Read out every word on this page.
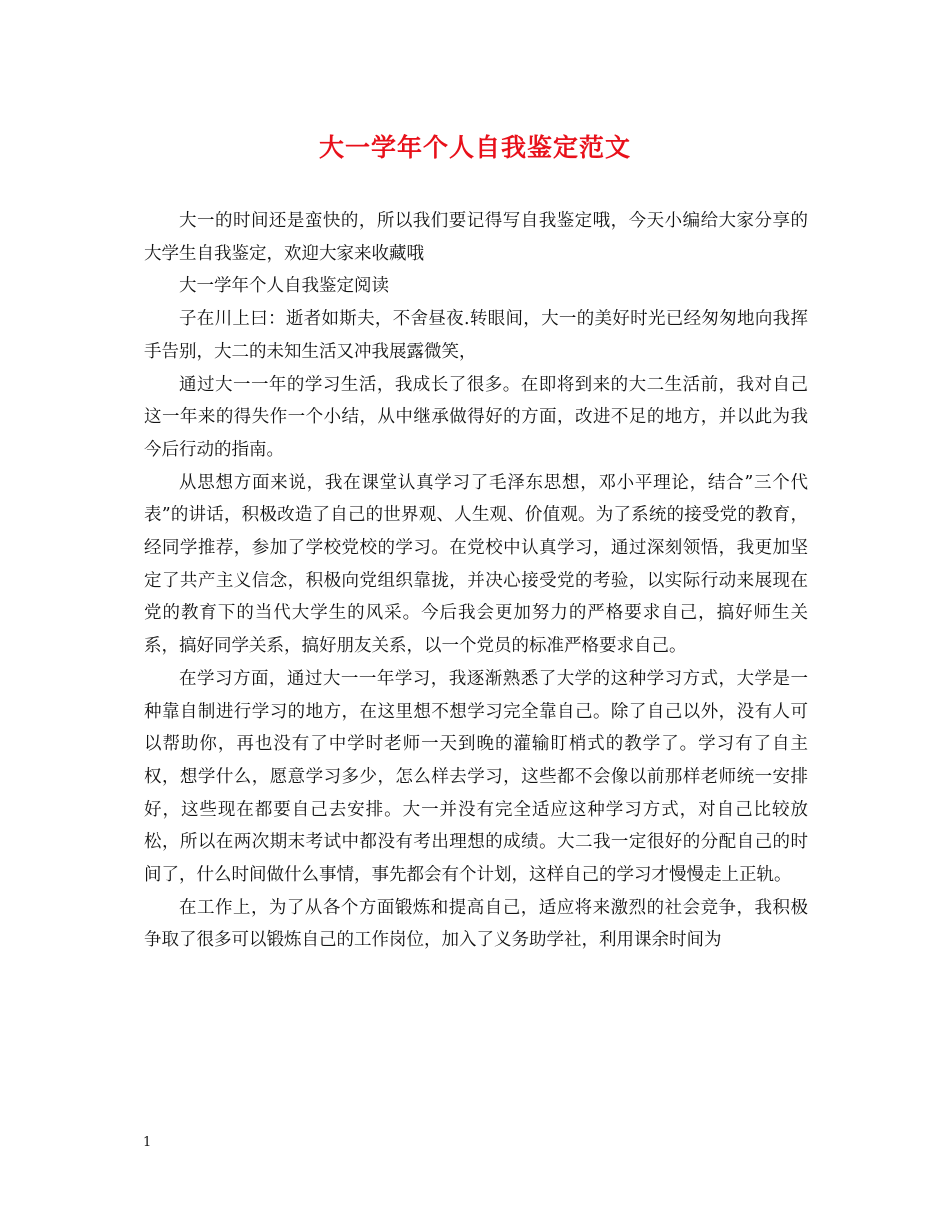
大一学年个人自我鉴定范文

大一的时间还是蛮快的，所以我们要记得写自我鉴定哦，今天小编给大家分享的大学生自我鉴定，欢迎大家来收藏哦

大一学年个人自我鉴定阅读

子在川上曰：逝者如斯夫，不舍昼夜.转眼间，大一的美好时光已经匆匆地向我挥手告别，大二的未知生活又冲我展露微笑，

通过大一一年的学习生活，我成长了很多。在即将到来的大二生活前，我对自己这一年来的得失作一个小结，从中继承做得好的方面，改进不足的地方，并以此为我今后行动的指南。

从思想方面来说，我在课堂认真学习了毛泽东思想，邓小平理论，结合”三个代表”的讲话，积极改造了自己的世界观、人生观、价值观。为了系统的接受党的教育，经同学推荐，参加了学校党校的学习。在党校中认真学习，通过深刻领悟，我更加坚定了共产主义信念，积极向党组织靠拢，并决心接受党的考验，以实际行动来展现在党的教育下的当代大学生的风采。今后我会更加努力的严格要求自己，搞好师生关系，搞好同学关系，搞好朋友关系，以一个党员的标准严格要求自己。

在学习方面，通过大一一年学习，我逐渐熟悉了大学的这种学习方式，大学是一种靠自制进行学习的地方，在这里想不想学习完全靠自己。除了自己以外，没有人可以帮助你，再也没有了中学时老师一天到晚的灌输盯梢式的教学了。学习有了自主权，想学什么，愿意学习多少，怎么样去学习，这些都不会像以前那样老师统一安排好，这些现在都要自己去安排。大一并没有完全适应这种学习方式，对自己比较放松，所以在两次期末考试中都没有考出理想的成绩。大二我一定很好的分配自己的时间了，什么时间做什么事情，事先都会有个计划，这样自己的学习才慢慢走上正轨。

在工作上，为了从各个方面锻炼和提高自己，适应将来激烈的社会竞争，我积极争取了很多可以锻炼自己的工作岗位，加入了义务助学社，利用课余时间为

1
